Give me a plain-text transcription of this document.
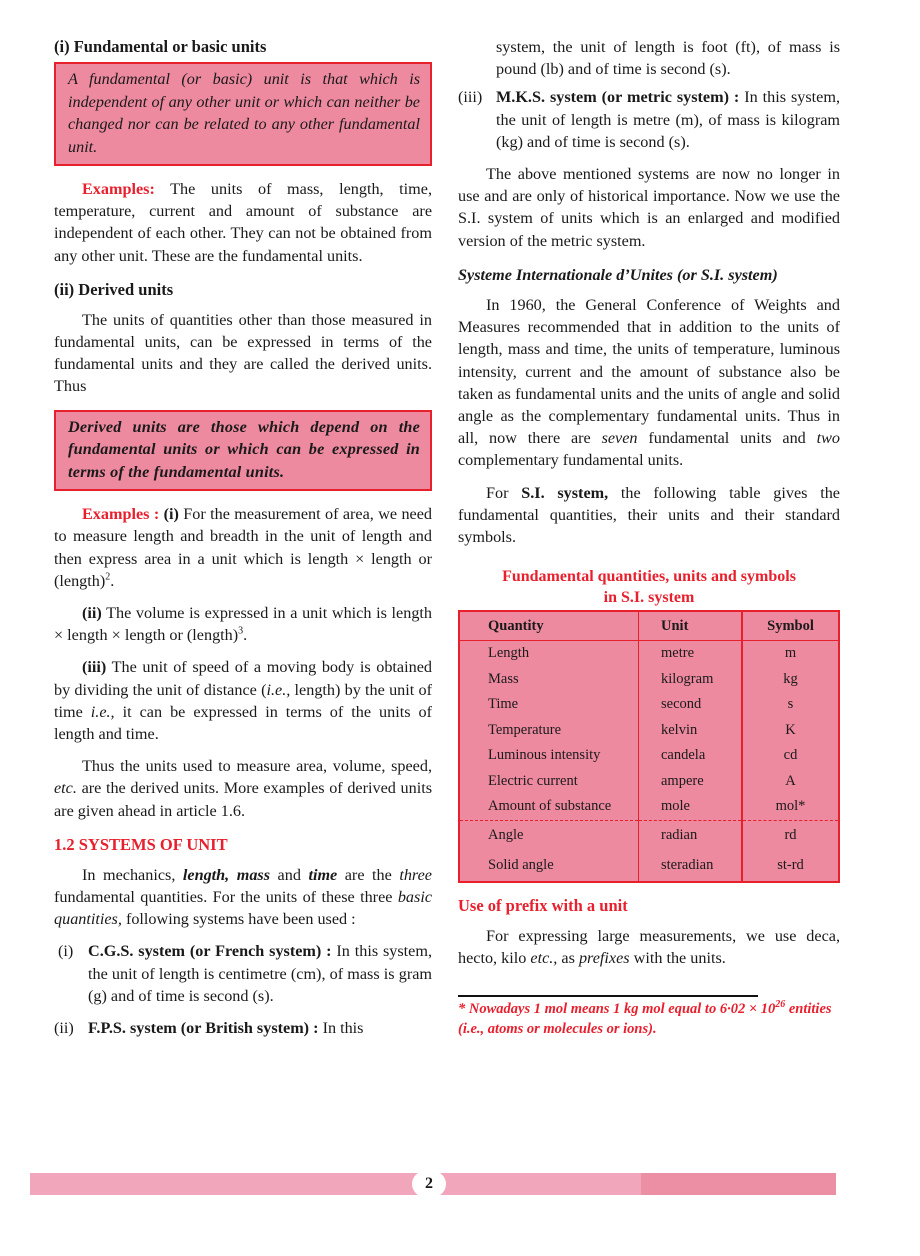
(i) Fundamental or basic units
A fundamental (or basic) unit is that which is independent of any other unit or which can neither be changed nor can be related to any other fundamental unit.

Examples: The units of mass, length, time, temperature, current and amount of substance are independent of each other. They can not be obtained from any other unit. These are the fundamental units.

(ii) Derived units

The units of quantities other than those measured in fundamental units, can be expressed in terms of the fundamental units and they are called the derived units. Thus

Derived units are those which depend on the fundamental units or which can be expressed in terms of the fundamental units.

Examples : (i) For the measurement of area, we need to measure length and breadth in the unit of length and then express area in a unit which is length × length or (length)$^2$.

(ii) The volume is expressed in a unit which is length × length × length or (length)$^3$.

(iii) The unit of speed of a moving body is obtained by dividing the unit of distance (i.e., length) by the unit of time i.e., it can be expressed in terms of the units of length and time.

Thus the units used to measure area, volume, speed, etc. are the derived units. More examples of derived units are given ahead in article 1.6.

1.2 SYSTEMS OF UNIT

In mechanics, length, mass and time are the three fundamental quantities. For the units of these three basic quantities, following systems have been used :

(i) C.G.S. system (or French system) : In this system, the unit of length is centimetre (cm), of mass is gram (g) and of time is second (s).

(ii) F.P.S. system (or British system) : In this

system, the unit of length is foot (ft), of mass is pound (lb) and of time is second (s).

(iii) M.K.S. system (or metric system) : In this system, the unit of length is metre (m), of mass is kilogram (kg) and of time is second (s).

The above mentioned systems are now no longer in use and are only of historical importance. Now we use the S.I. system of units which is an enlarged and modified version of the metric system.

Systeme Internationale d’Unites (or S.I. system)

In 1960, the General Conference of Weights and Measures recommended that in addition to the units of length, mass and time, the units of temperature, luminous intensity, current and the amount of substance also be taken as fundamental units and the units of angle and solid angle as the complementary fundamental units. Thus in all, now there are seven fundamental units and two complementary fundamental units.

For S.I. system, the following table gives the fundamental quantities, their units and their standard symbols.

Fundamental quantities, units and symbols
in S.I. system
Quantity	Unit	Symbol
Length	metre	m
Mass	kilogram	kg
Time	second	s
Temperature	kelvin	K
Luminous intensity	candela	cd
Electric current	ampere	A
Amount of substance	mole	mol*
Angle	radian	rd
Solid angle	steradian	st-rd
Use of prefix with a unit

For expressing large measurements, we use deca, hecto, kilo etc., as prefixes with the units.

* Nowadays 1 mol means 1 kg mol equal to $6\cdot 02 \times 10^{26}$ entities (i.e., atoms or molecules or ions).
2
